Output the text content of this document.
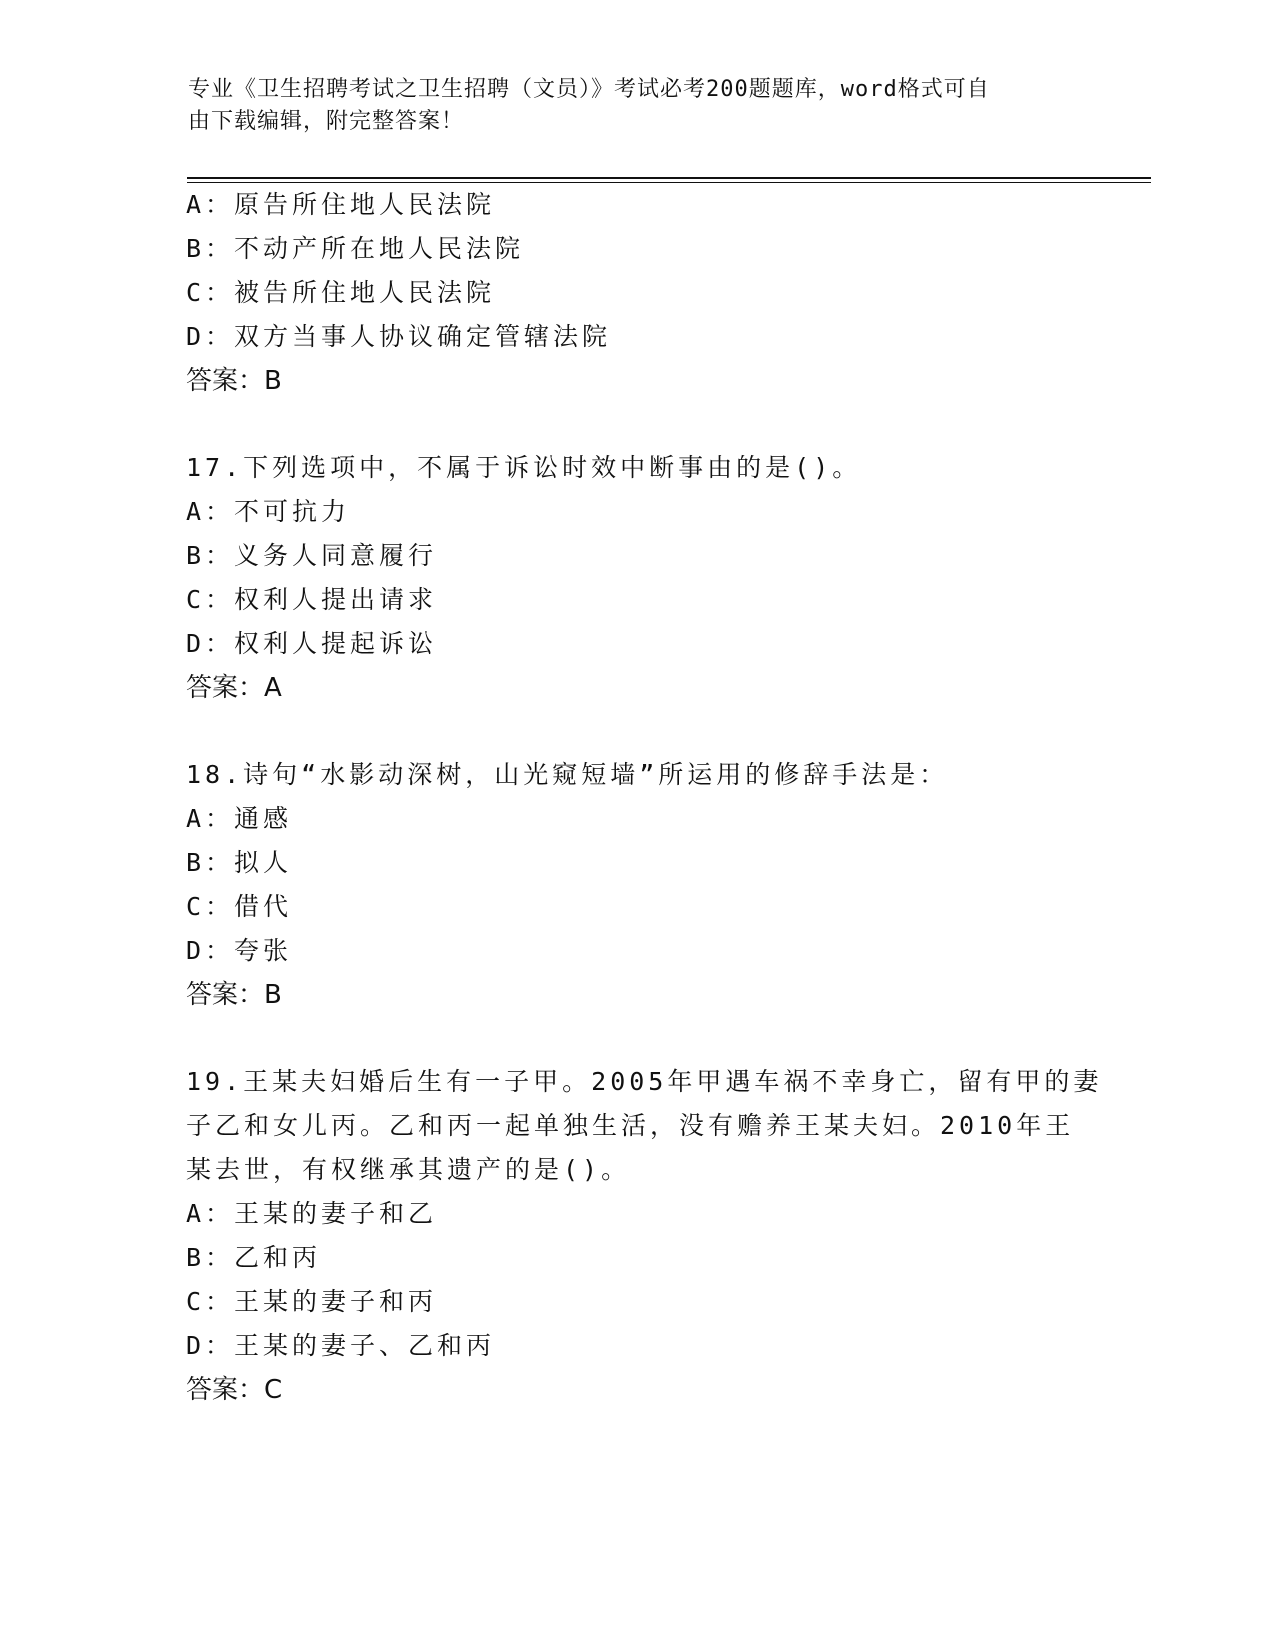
专业《卫生招聘考试之卫生招聘（文员）》考试必考200题题库，word格式可自
由下载编辑，附完整答案！
A：原告所住地人民法院
B：不动产所在地人民法院
C：被告所住地人民法院
D：双方当事人协议确定管辖法院
答案：B
17.下列选项中，不属于诉讼时效中断事由的是()。
A：不可抗力
B：义务人同意履行
C：权利人提出请求
D：权利人提起诉讼
答案：A
18.诗句“水影动深树，山光窥短墙”所运用的修辞手法是：
A：通感
B：拟人
C：借代
D：夸张
答案：B
19.王某夫妇婚后生有一子甲。2005年甲遇车祸不幸身亡，留有甲的妻
子乙和女儿丙。乙和丙一起单独生活，没有赡养王某夫妇。2010年王
某去世，有权继承其遗产的是()。
A：王某的妻子和乙
B：乙和丙
C：王某的妻子和丙
D：王某的妻子、乙和丙
答案：C
